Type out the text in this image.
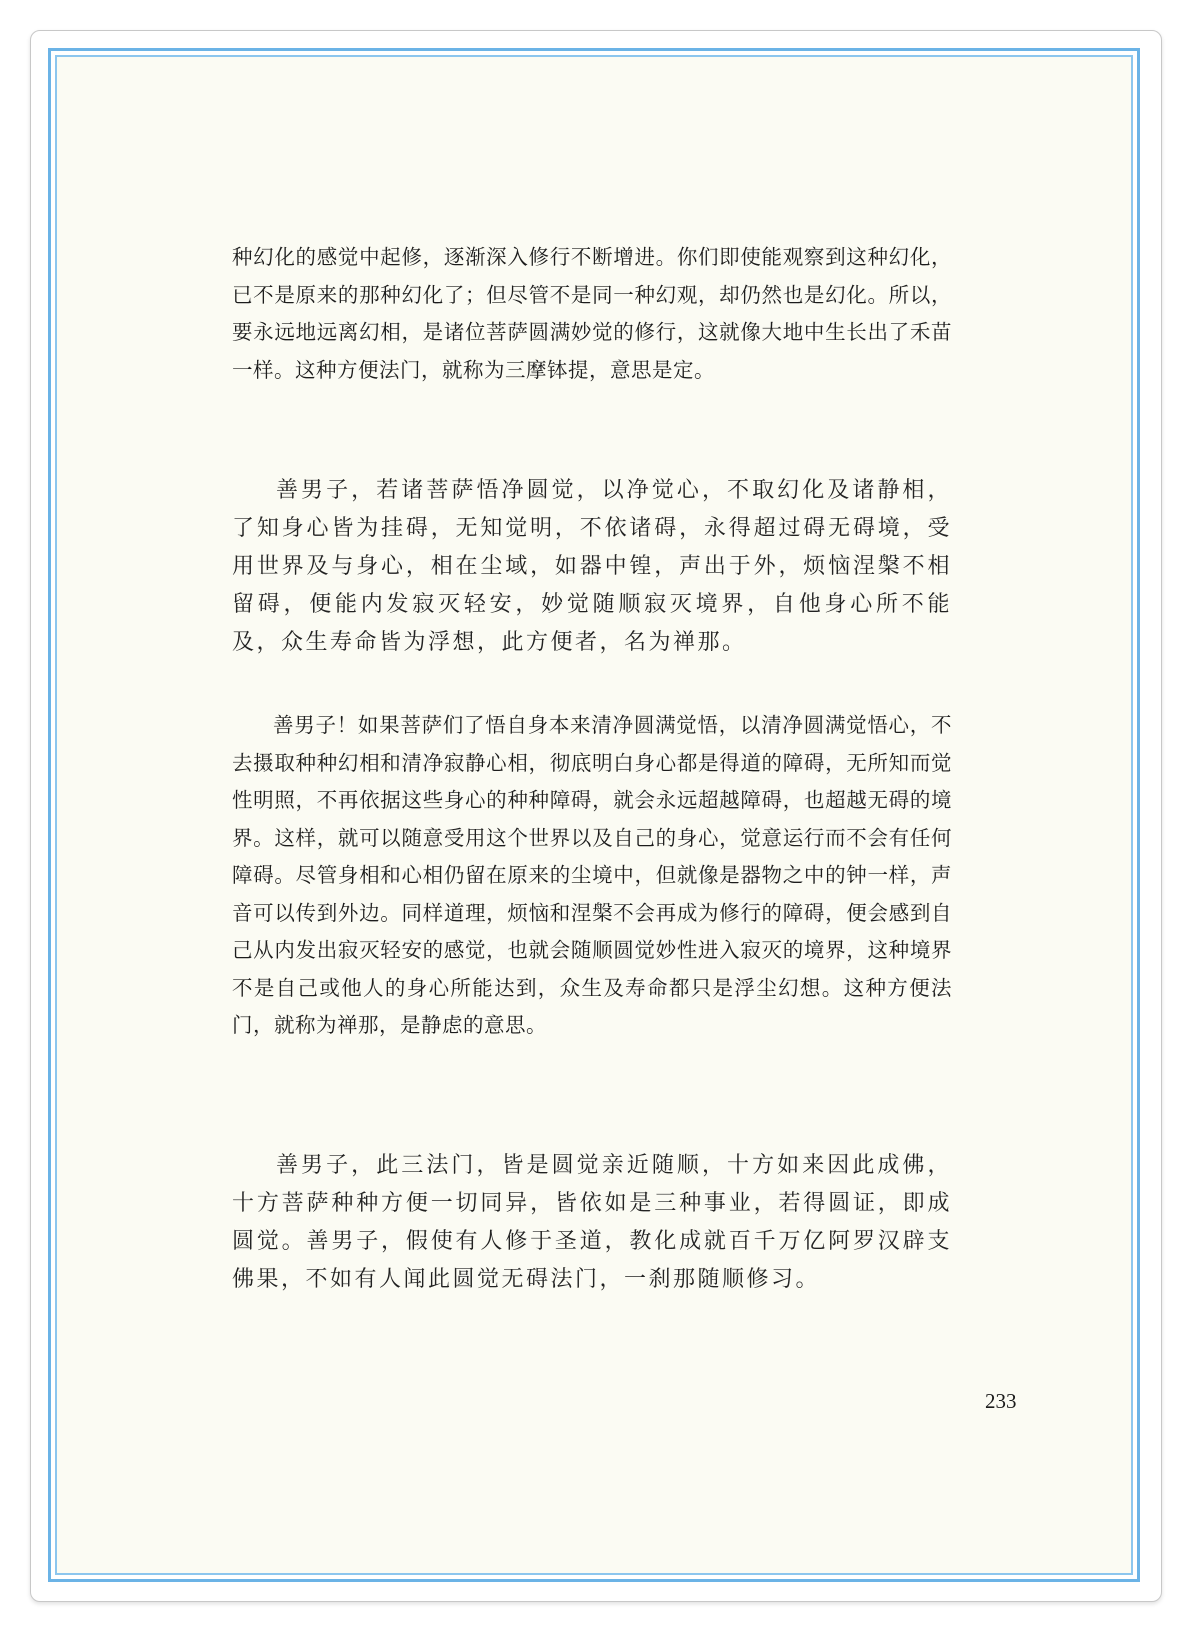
种幻化的感觉中起修，逐渐深入修行不断增进。你们即使能观察到这种幻化，已不是原来的那种幻化了；但尽管不是同一种幻观，却仍然也是幻化。所以，要永远地远离幻相，是诸位菩萨圆满妙觉的修行，这就像大地中生长出了禾苗一样。这种方便法门，就称为三摩钵提，意思是定。

善男子，若诸菩萨悟净圆觉，以净觉心，不取幻化及诸静相，了知身心皆为挂碍，无知觉明，不依诸碍，永得超过碍无碍境，受用世界及与身心，相在尘域，如器中锽，声出于外，烦恼涅槃不相留碍，便能内发寂灭轻安，妙觉随顺寂灭境界，自他身心所不能及，众生寿命皆为浮想，此方便者，名为禅那。

善男子！如果菩萨们了悟自身本来清净圆满觉悟，以清净圆满觉悟心，不去摄取种种幻相和清净寂静心相，彻底明白身心都是得道的障碍，无所知而觉性明照，不再依据这些身心的种种障碍，就会永远超越障碍，也超越无碍的境界。这样，就可以随意受用这个世界以及自己的身心，觉意运行而不会有任何障碍。尽管身相和心相仍留在原来的尘境中，但就像是器物之中的钟一样，声音可以传到外边。同样道理，烦恼和涅槃不会再成为修行的障碍，便会感到自己从内发出寂灭轻安的感觉，也就会随顺圆觉妙性进入寂灭的境界，这种境界不是自己或他人的身心所能达到，众生及寿命都只是浮尘幻想。这种方便法门，就称为禅那，是静虑的意思。

善男子，此三法门，皆是圆觉亲近随顺，十方如来因此成佛，十方菩萨种种方便一切同异，皆依如是三种事业，若得圆证，即成圆觉。善男子，假使有人修于圣道，教化成就百千万亿阿罗汉辟支佛果，不如有人闻此圆觉无碍法门，一刹那随顺修习。

233
